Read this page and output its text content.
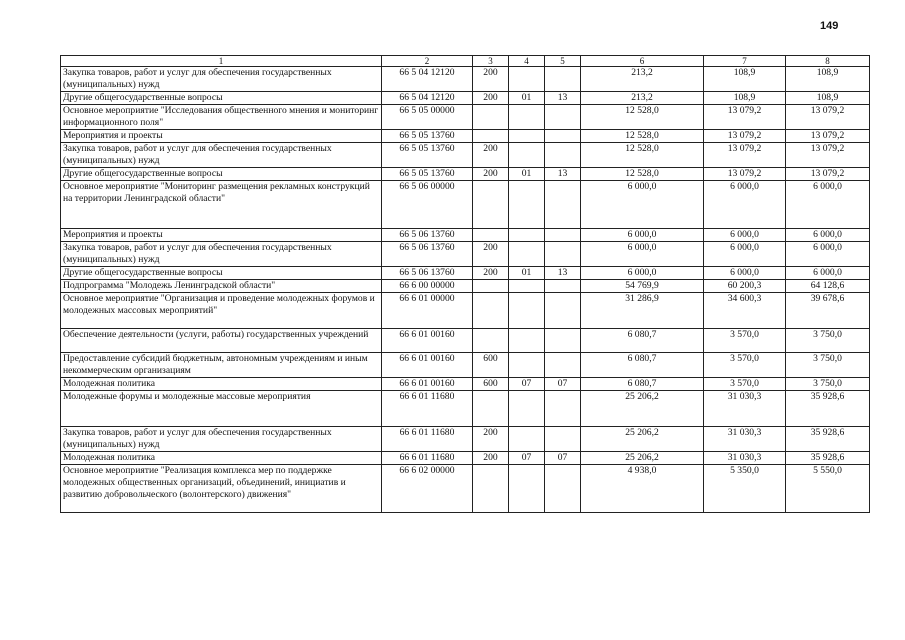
149
1	2	3	4	5	6	7	8
Закупка товаров, работ и услуг для обеспечения государственных (муниципальных) нужд	66 5 04 12120	200			213,2	108,9	108,9
Другие общегосударственные вопросы	66 5 04 12120	200	01	13	213,2	108,9	108,9
Основное мероприятие "Исследования общественного мнения и мониторинг информационного поля"	66 5 05 00000				12 528,0	13 079,2	13 079,2
Мероприятия и проекты	66 5 05 13760				12 528,0	13 079,2	13 079,2
Закупка товаров, работ и услуг для обеспечения государственных (муниципальных) нужд	66 5 05 13760	200			12 528,0	13 079,2	13 079,2
Другие общегосударственные вопросы	66 5 05 13760	200	01	13	12 528,0	13 079,2	13 079,2
Основное мероприятие "Мониторинг размещения рекламных конструкций на территории Ленинградской области"	66 5 06 00000				6 000,0	6 000,0	6 000,0
Мероприятия и проекты	66 5 06 13760				6 000,0	6 000,0	6 000,0
Закупка товаров, работ и услуг для обеспечения государственных (муниципальных) нужд	66 5 06 13760	200			6 000,0	6 000,0	6 000,0
Другие общегосударственные вопросы	66 5 06 13760	200	01	13	6 000,0	6 000,0	6 000,0
Подпрограмма "Молодежь Ленинградской области"	66 6 00 00000				54 769,9	60 200,3	64 128,6
Основное мероприятие "Организация и проведение молодежных форумов и молодежных массовых мероприятий"	66 6 01 00000				31 286,9	34 600,3	39 678,6
Обеспечение деятельности (услуги, работы) государственных учреждений	66 6 01 00160				6 080,7	3 570,0	3 750,0
Предоставление субсидий бюджетным, автономным учреждениям и иным некоммерческим организациям	66 6 01 00160	600			6 080,7	3 570,0	3 750,0
Молодежная политика	66 6 01 00160	600	07	07	6 080,7	3 570,0	3 750,0
Молодежные форумы и молодежные массовые мероприятия	66 6 01 11680				25 206,2	31 030,3	35 928,6
Закупка товаров, работ и услуг для обеспечения государственных (муниципальных) нужд	66 6 01 11680	200			25 206,2	31 030,3	35 928,6
Молодежная политика	66 6 01 11680	200	07	07	25 206,2	31 030,3	35 928,6
Основное мероприятие "Реализация комплекса мер по поддержке молодежных общественных организаций, объединений, инициатив и развитию добровольческого (волонтерского) движения"	66 6 02 00000				4 938,0	5 350,0	5 550,0
